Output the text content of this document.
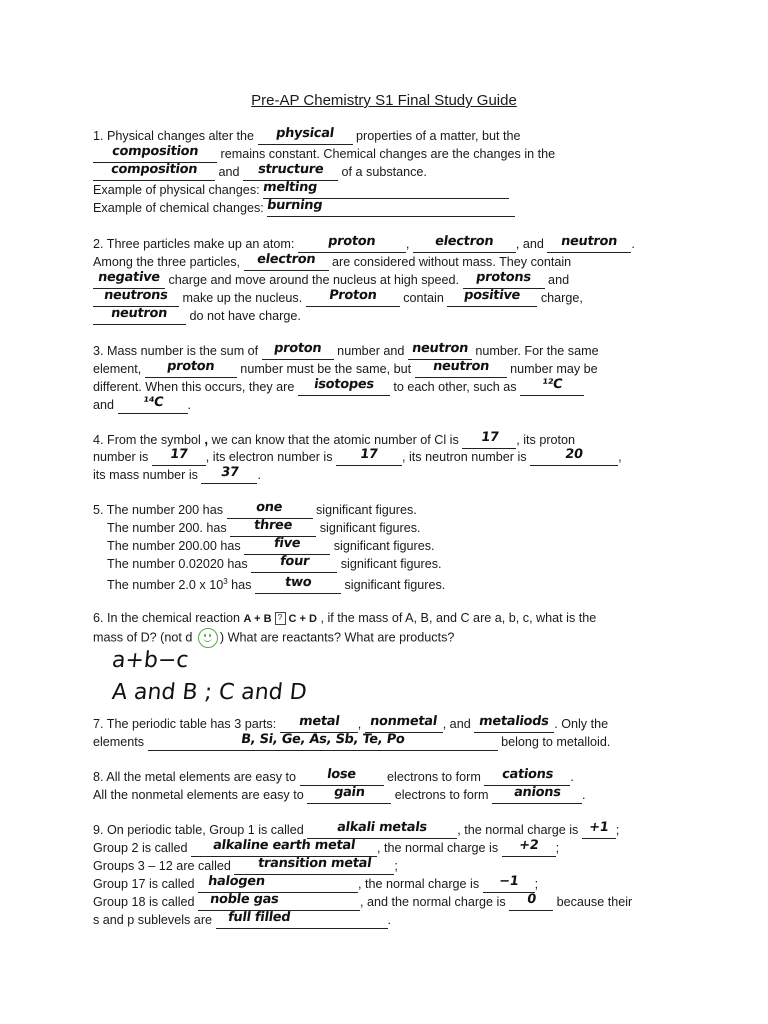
Pre-AP Chemistry S1 Final Study Guide
1. Physical changes alter the physical properties of a matter, but the
composition remains constant. Chemical changes are the changes in the
composition and structure of a substance.
Example of physical changes: melting
Example of chemical changes: burning
2. Three particles make up an atom: proton , electron , and neutron .
Among the three particles, electron are considered without mass. They contain
negative charge and move around the nucleus at high speed. protons and
neutrons make up the nucleus. Proton contain positive charge,
neutron do not have charge.
3. Mass number is the sum of proton number and neutron number. For the same
element, proton number must be the same, but neutron number may be
different. When this occurs, they are isotopes to each other, such as ¹²C
and ¹⁴C .
4. From the symbol , we can know that the atomic number of Cl is 17 , its proton
number is 17 , its electron number is 17 , its neutron number is	20	,
its mass number is 37 .
5. The number 200 has one significant figures.
The number 200. has three significant figures.
The number 200.00 has five significant figures.
The number 0.02020 has four significant figures.
The number 2.0 x $10^3$ has two significant figures.
6. In the chemical reaction A + B ? C + D , if the mass of A, B, and C are a, b, c, what is the
mass of D? (not d
) What are reactants? What are products?
a+b−c
A and B ; C and D
7. The periodic table has 3 parts: metal , nonmetal , and metaliods . Only the
elements	B, Si, Ge, As, Sb, Te, Po	belong to metalloid.
8. All the metal elements are easy to lose electrons to form cations .
All the nonmetal elements are easy to gain electrons to form anions .
9. On periodic table, Group 1 is called alkali metals , the normal charge is +1 ;
Group 2 is called alkaline earth metal , the normal charge is +2 ;
Groups 3 – 12 are called transition metal ;
Group 17 is called halogen	, the normal charge is −1 ;
Group 18 is called noble gas	, and the normal charge is 0 because their
s and p sublevels are full filled	.
